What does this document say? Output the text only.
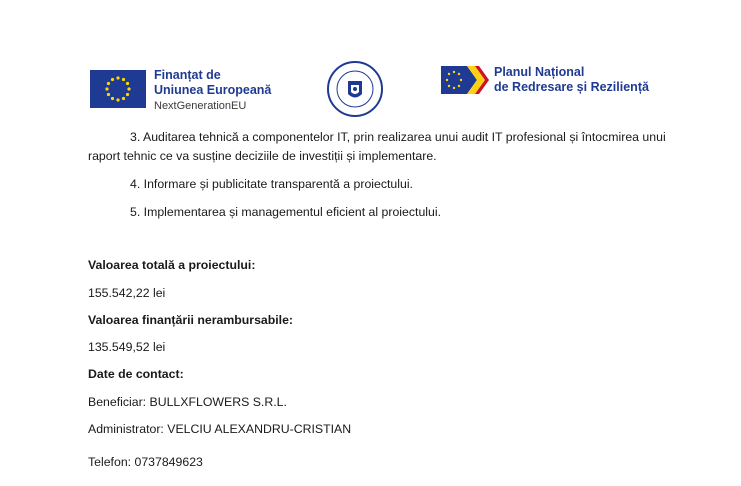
Finanțat de
Uniunea Europeană
NextGenerationEU
Planul Național
de Redresare și Reziliență

3. Auditarea tehnică a componentelor IT, prin realizarea unui audit IT profesional și întocmirea unui raport tehnic ce va susține deciziile de investiții și implementare.

4. Informare și publicitate transparentă a proiectului.

5. Implementarea și managementul eficient al proiectului.

Valoarea totală a proiectului:
155.542,22 lei
Valoarea finanțării nerambursabile:
135.549,52 lei
Date de contact:
Beneficiar: BULLXFLOWERS S.R.L.
Administrator: VELCIU ALEXANDRU-CRISTIAN
Telefon: 0737849623
